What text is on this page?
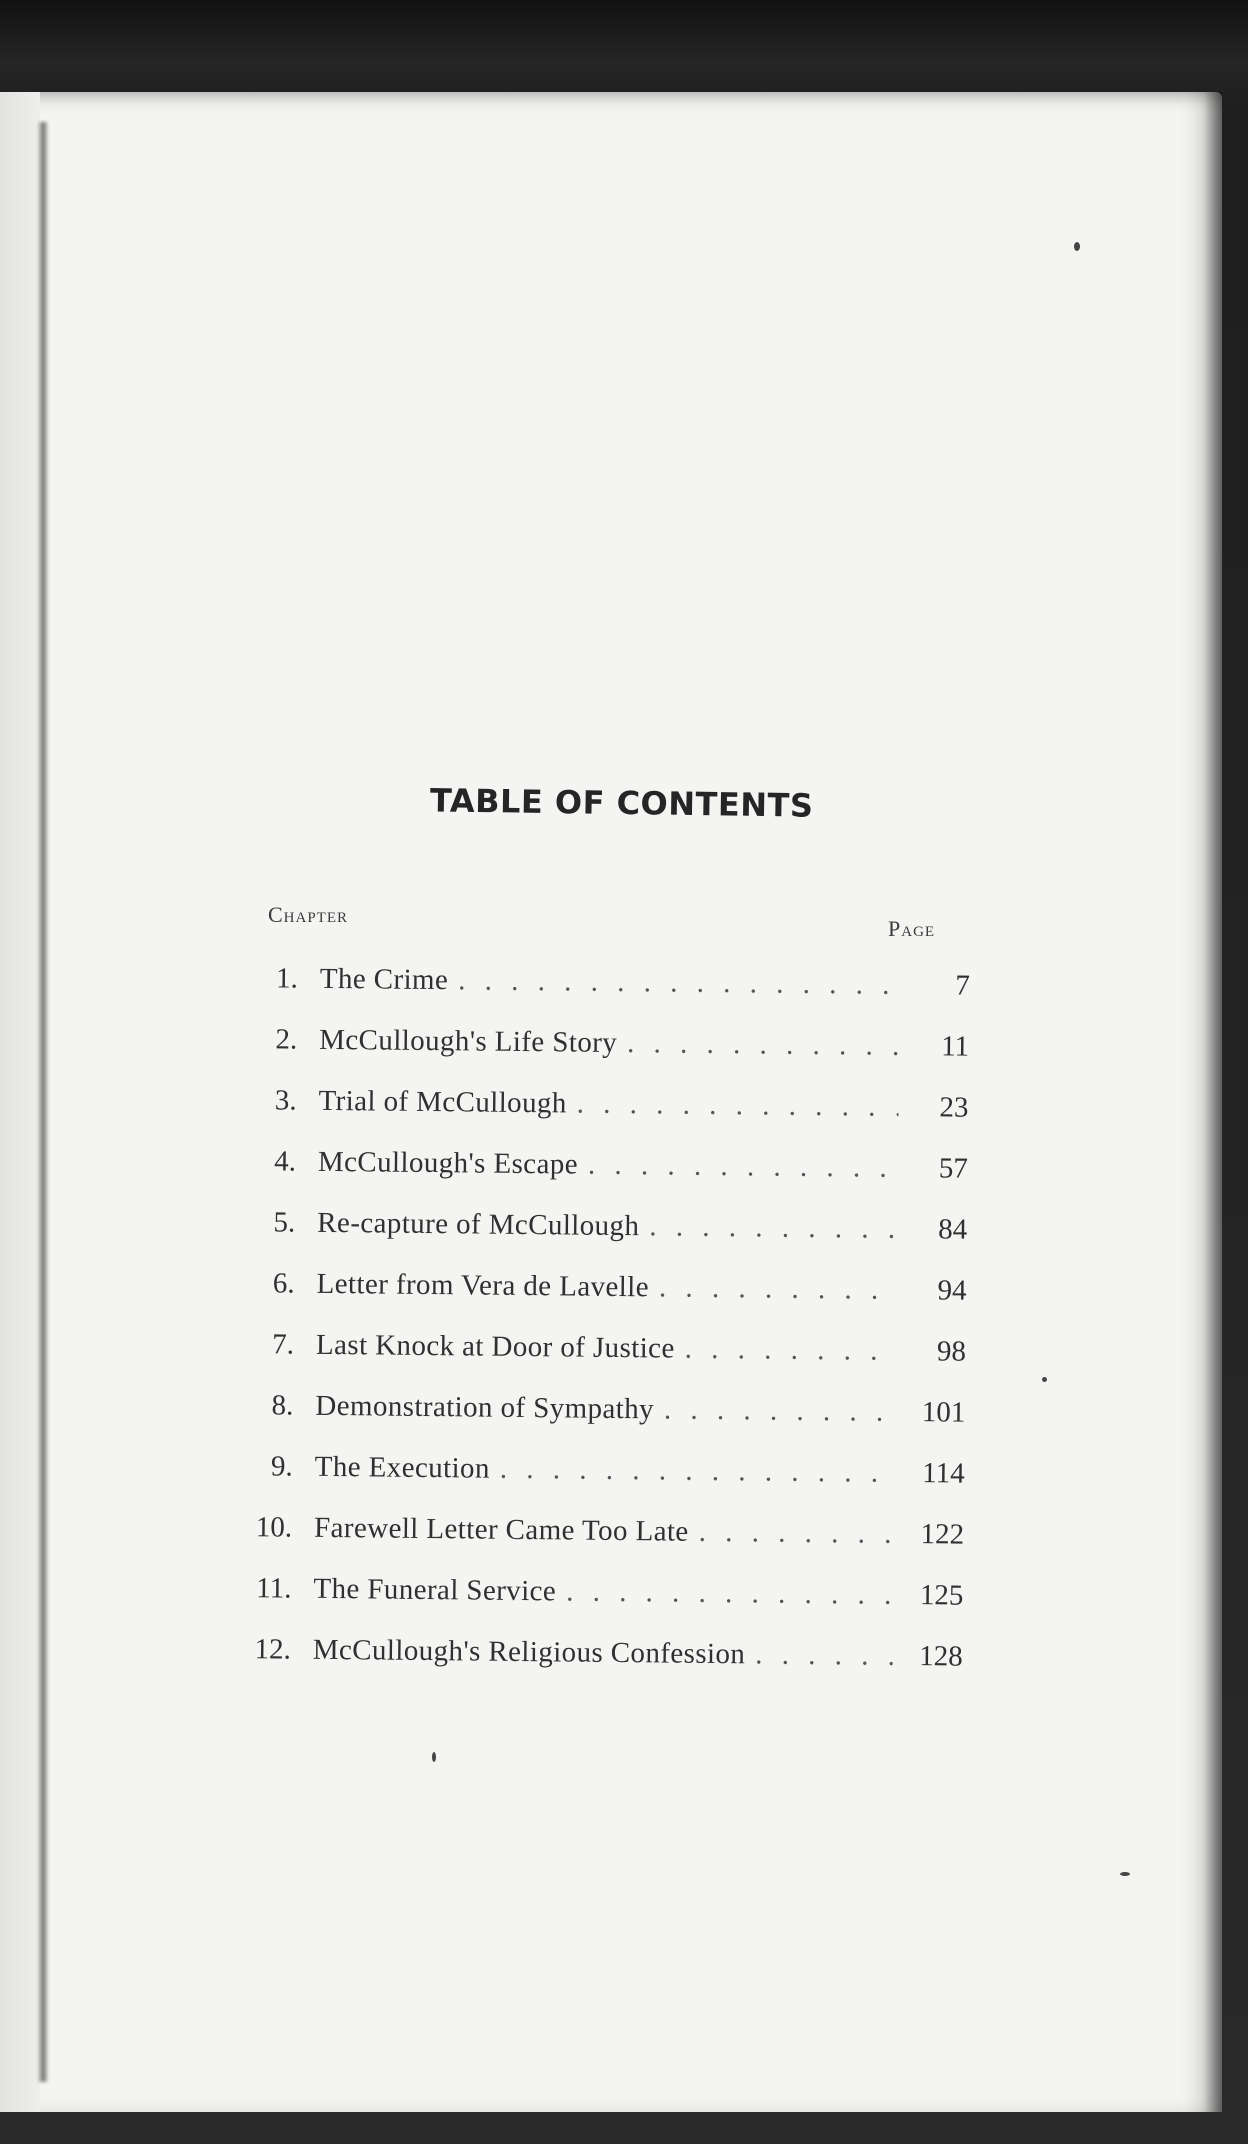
TABLE OF CONTENTS
Chapter
Page
1. The Crime . . .	7
2. McCullough's Life Story . . .	11
3. Trial of McCullough . . .	23
4. McCullough's Escape . . .	57
5. Re-capture of McCullough . . .	84
6. Letter from Vera de Lavelle . . .	94
7. Last Knock at Door of Justice . . .	98
8. Demonstration of Sympathy . . .	101
9. The Execution . . .	114
10. Farewell Letter Came Too Late . . .	122
11. The Funeral Service . . .	125
12. McCullough's Religious Confession . . .	128
